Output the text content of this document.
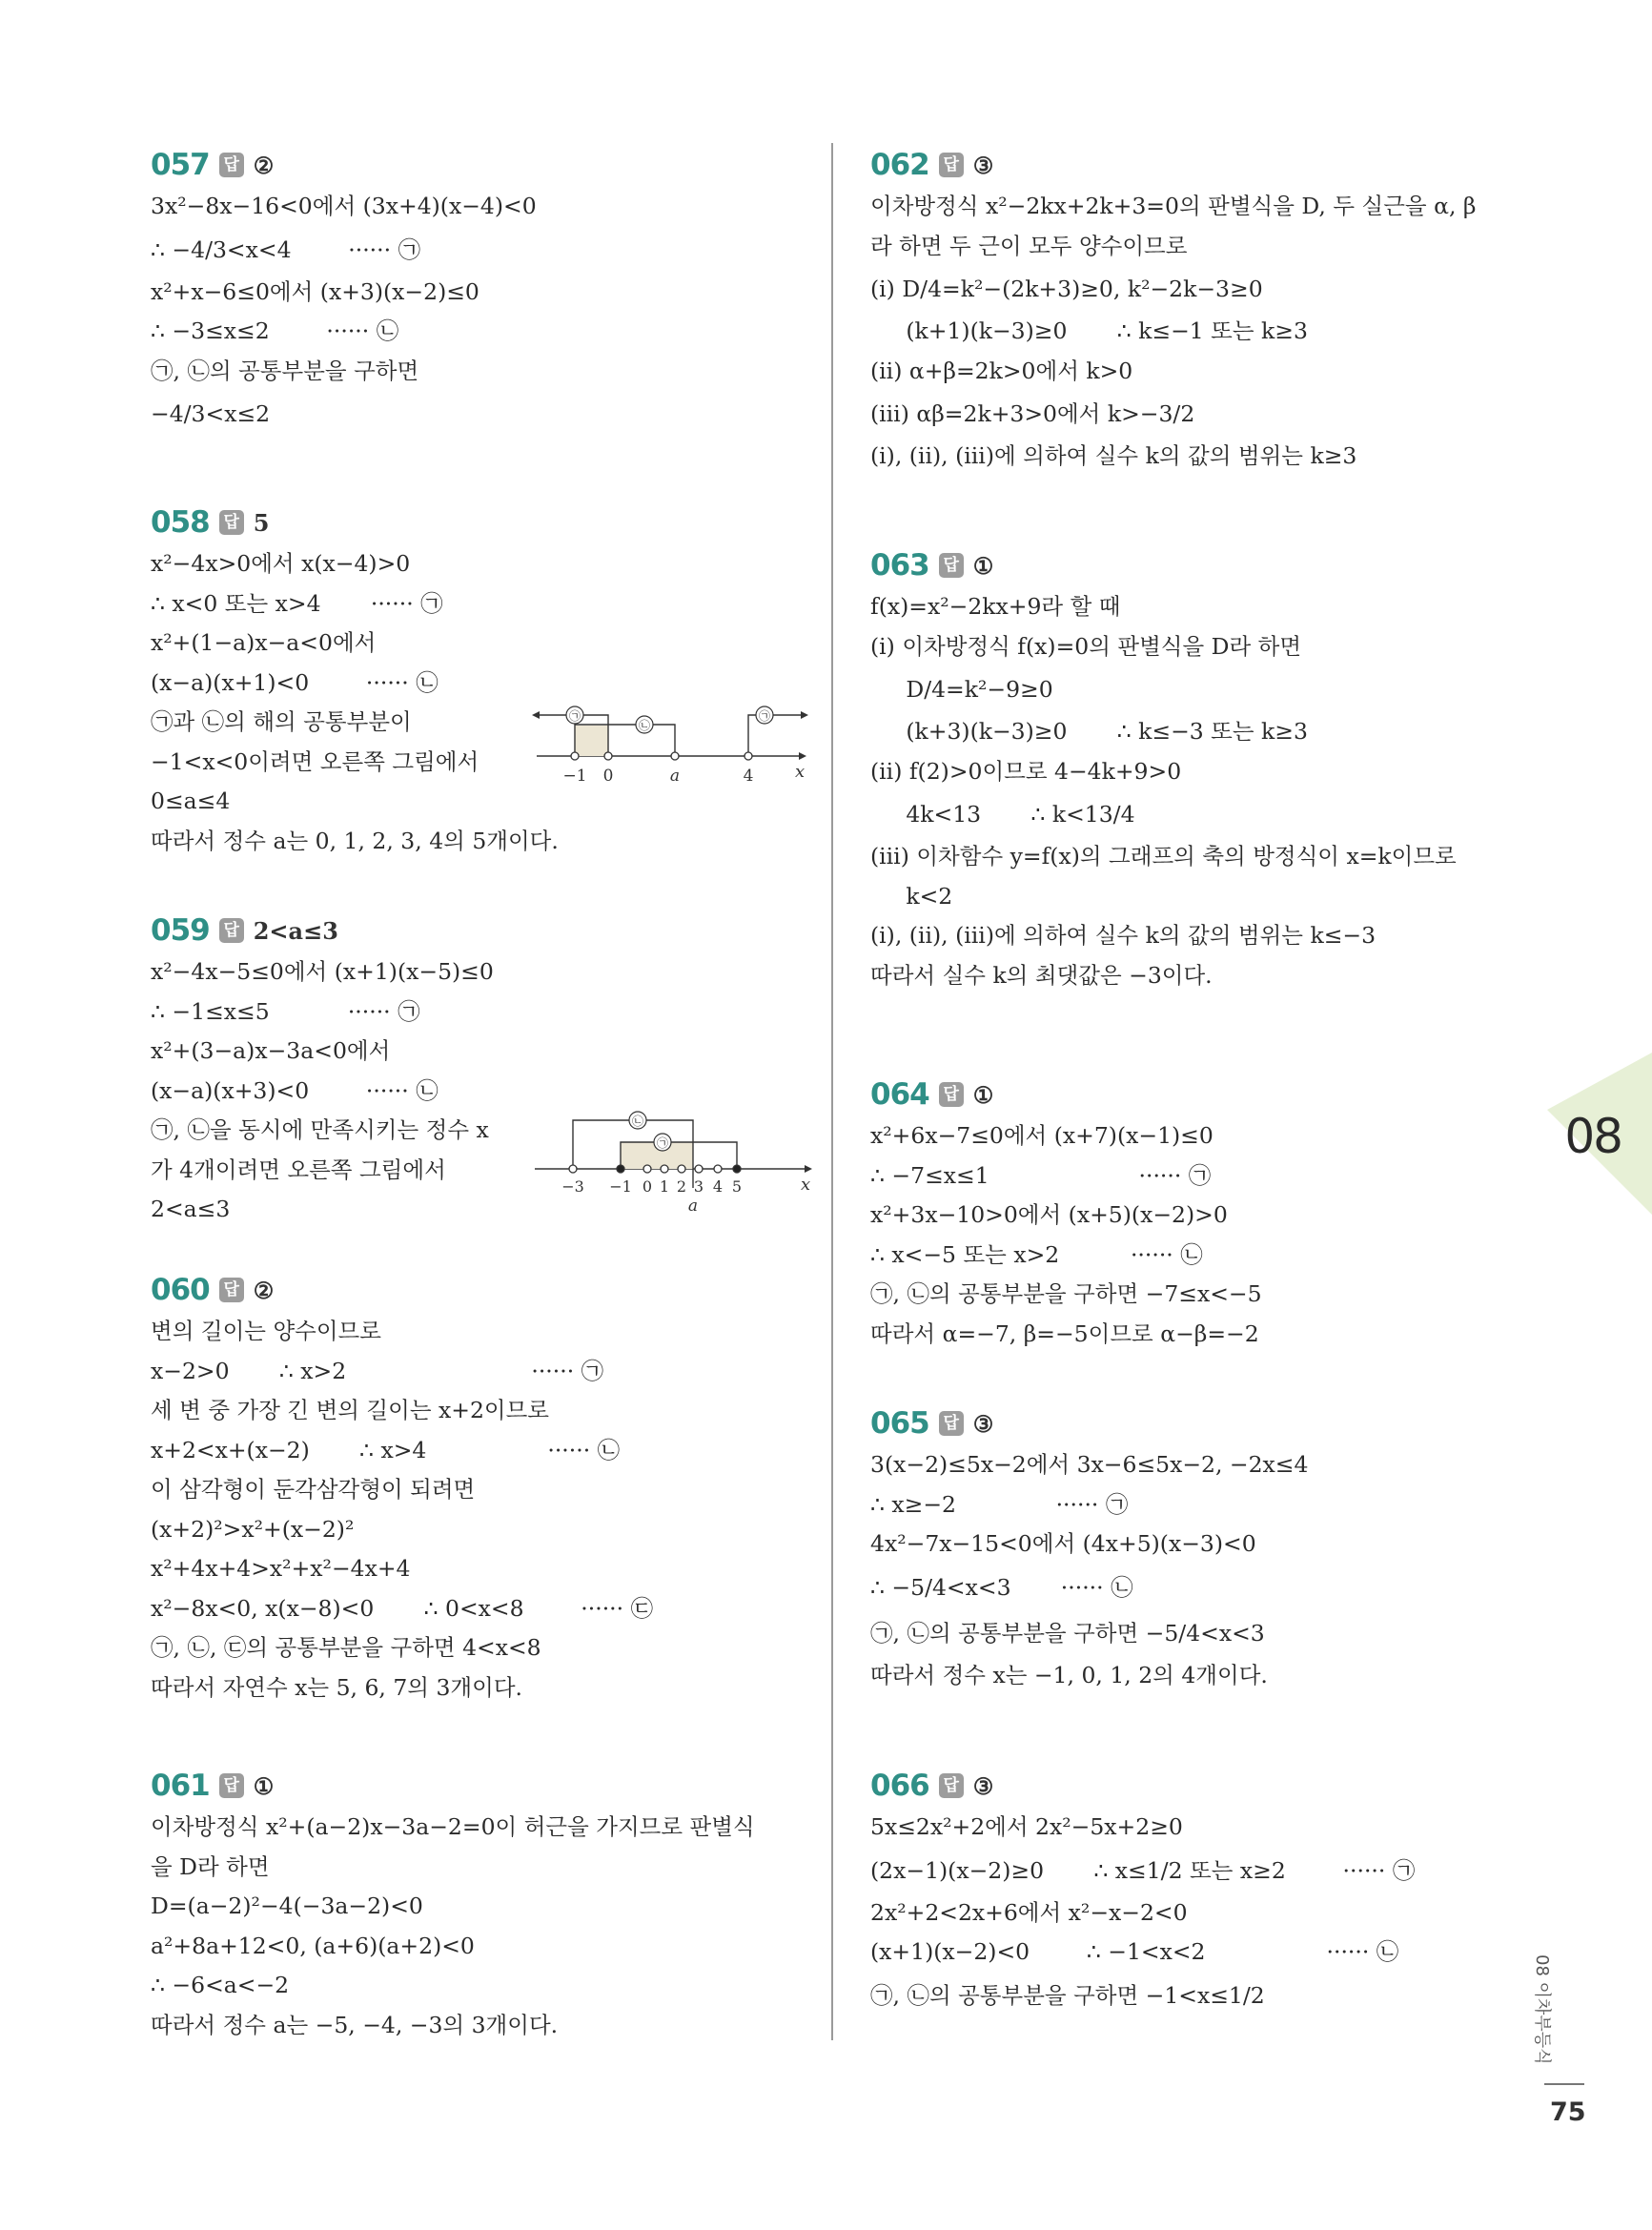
057 답 ②
3x²−8x−16<0에서 (3x+4)(x−4)<0
∴ −4/3<x<4        ······ ㉠
x²+x−6≤0에서 (x+3)(x−2)≤0
∴ −3≤x≤2        ······ ㉡
㉠, ㉡의 공통부분을 구하면
−4/3<x≤2
058 답 5
x²−4x>0에서 x(x−4)>0
∴ x<0 또는 x>4       ······ ㉠
x²+(1−a)x−a<0에서
(x−a)(x+1)<0        ······ ㉡
㉠과 ㉡의 해의 공통부분이
−1<x<0이려면 오른쪽 그림에서
0≤a≤4
따라서 정수 a는 0, 1, 2, 3, 4의 5개이다.
−1 0	a	4 x
㉠
㉡
㉠
059 답 2<a≤3
x²−4x−5≤0에서 (x+1)(x−5)≤0
∴ −1≤x≤5           ······ ㉠
x²+(3−a)x−3a<0에서
(x−a)(x+3)<0        ······ ㉡
㉠, ㉡을 동시에 만족시키는 정수 x
가 4개이려면 오른쪽 그림에서
2<a≤3
−3 −1 0 1 2 3 4 5
a
x
㉡
㉠
060 답 ②
변의 길이는 양수이므로
x−2>0       ∴ x>2                          ······ ㉠
세 변 중 가장 긴 변의 길이는 x+2이므로
x+2<x+(x−2)       ∴ x>4                 ······ ㉡
이 삼각형이 둔각삼각형이 되려면
(x+2)²>x²+(x−2)²
x²+4x+4>x²+x²−4x+4
x²−8x<0, x(x−8)<0       ∴ 0<x<8        ······ ㉢
㉠, ㉡, ㉢의 공통부분을 구하면 4<x<8
따라서 자연수 x는 5, 6, 7의 3개이다.
061 답 ①
이차방정식 x²+(a−2)x−3a−2=0이 허근을 가지므로 판별식
을 D라 하면
D=(a−2)²−4(−3a−2)<0
a²+8a+12<0, (a+6)(a+2)<0
∴ −6<a<−2
따라서 정수 a는 −5, −4, −3의 3개이다.
062 답 ③
이차방정식 x²−2kx+2k+3=0의 판별식을 D, 두 실근을 α, β
라 하면 두 근이 모두 양수이므로
(ⅰ) D/4=k²−(2k+3)≥0, k²−2k−3≥0
(k+1)(k−3)≥0       ∴ k≤−1 또는 k≥3
(ⅱ) α+β=2k>0에서 k>0
(ⅲ) αβ=2k+3>0에서 k>−3/2
(ⅰ), (ⅱ), (ⅲ)에 의하여 실수 k의 값의 범위는 k≥3
063 답 ①
f(x)=x²−2kx+9라 할 때
(ⅰ) 이차방정식 f(x)=0의 판별식을 D라 하면
D/4=k²−9≥0
(k+3)(k−3)≥0       ∴ k≤−3 또는 k≥3
(ⅱ) f(2)>0이므로 4−4k+9>0
4k<13       ∴ k<13/4
(ⅲ) 이차함수 y=f(x)의 그래프의 축의 방정식이 x=k이므로
k<2
(ⅰ), (ⅱ), (ⅲ)에 의하여 실수 k의 값의 범위는 k≤−3
따라서 실수 k의 최댓값은 −3이다.
064 답 ①
x²+6x−7≤0에서 (x+7)(x−1)≤0
∴ −7≤x≤1                     ······ ㉠
x²+3x−10>0에서 (x+5)(x−2)>0
∴ x<−5 또는 x>2          ······ ㉡
㉠, ㉡의 공통부분을 구하면 −7≤x<−5
따라서 α=−7, β=−5이므로 α−β=−2
065 답 ③
3(x−2)≤5x−2에서 3x−6≤5x−2, −2x≤4
∴ x≥−2              ······ ㉠
4x²−7x−15<0에서 (4x+5)(x−3)<0
∴ −5/4<x<3       ······ ㉡
㉠, ㉡의 공통부분을 구하면 −5/4<x<3
따라서 정수 x는 −1, 0, 1, 2의 4개이다.
066 답 ③
5x≤2x²+2에서 2x²−5x+2≥0
(2x−1)(x−2)≥0       ∴ x≤1/2 또는 x≥2        ······ ㉠
2x²+2<2x+6에서 x²−x−2<0
(x+1)(x−2)<0        ∴ −1<x<2                 ······ ㉡
㉠, ㉡의 공통부분을 구하면 −1<x≤1/2
08
08 이차부등식
75
